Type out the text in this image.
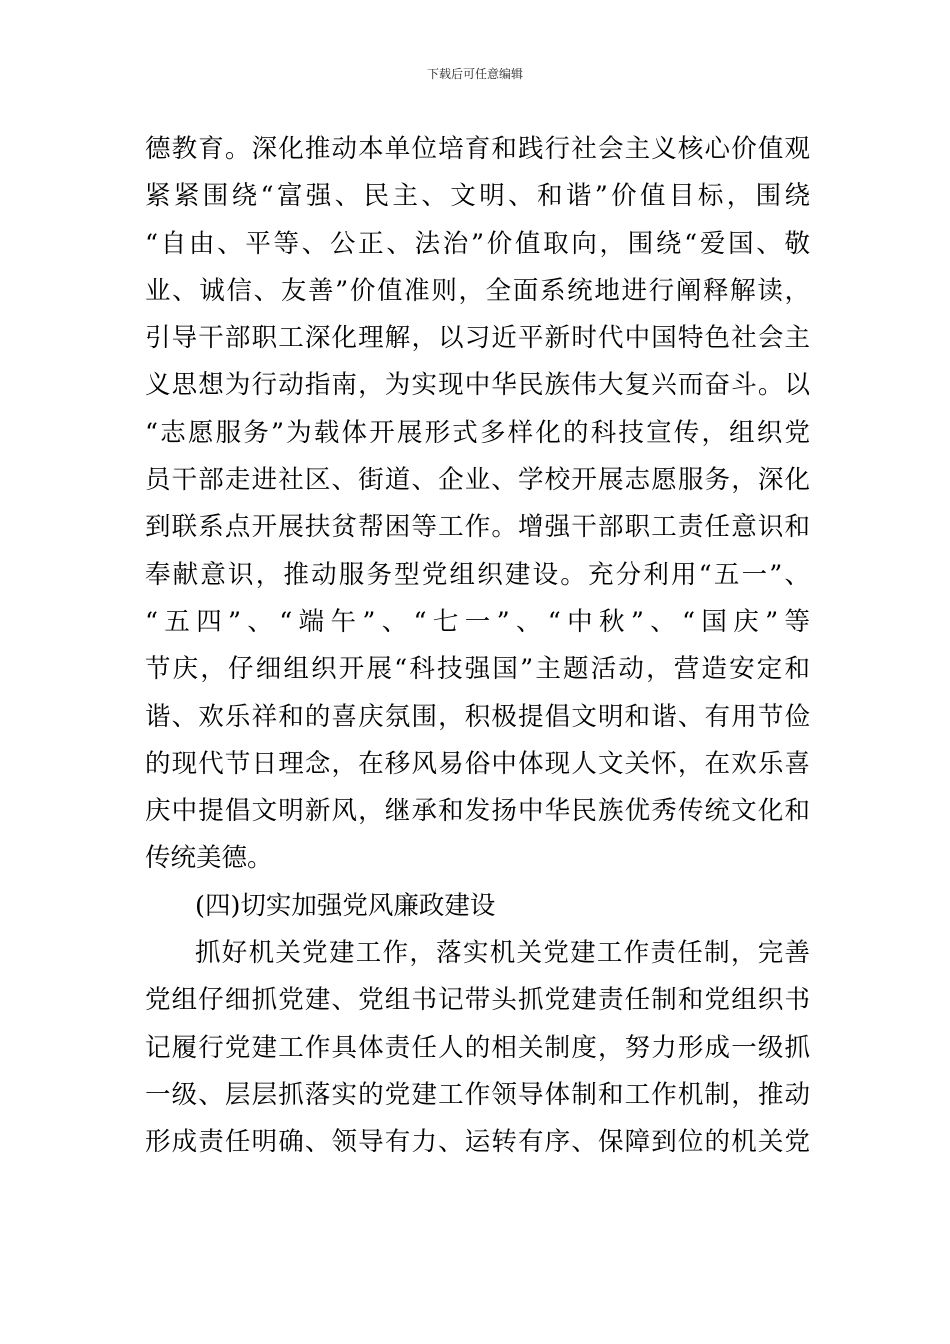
下载后可任意编辑
德教育。深化推动本单位培育和践行社会主义核心价值观
紧紧围绕“富强、民主、文明、和谐”价值目标，围绕
“自由、平等、公正、法治”价值取向，围绕“爱国、敬
业、诚信、友善”价值准则，全面系统地进行阐释解读，
引导干部职工深化理解，以习近平新时代中国特色社会主
义思想为行动指南，为实现中华民族伟大复兴而奋斗。以
“志愿服务”为载体开展形式多样化的科技宣传，组织党
员干部走进社区、街道、企业、学校开展志愿服务，深化
到联系点开展扶贫帮困等工作。增强干部职工责任意识和
奉献意识，推动服务型党组织建设。充分利用“五一”、
“五四”、“端午”、“七一”、“中秋”、“国庆”等
节庆，仔细组织开展“科技强国”主题活动，营造安定和
谐、欢乐祥和的喜庆氛围，积极提倡文明和谐、有用节俭
的现代节日理念，在移风易俗中体现人文关怀，在欢乐喜
庆中提倡文明新风，继承和发扬中华民族优秀传统文化和
传统美德。
(四)切实加强党风廉政建设
抓好机关党建工作，落实机关党建工作责任制，完善
党组仔细抓党建、党组书记带头抓党建责任制和党组织书
记履行党建工作具体责任人的相关制度，努力形成一级抓
一级、层层抓落实的党建工作领导体制和工作机制，推动
形成责任明确、领导有力、运转有序、保障到位的机关党
